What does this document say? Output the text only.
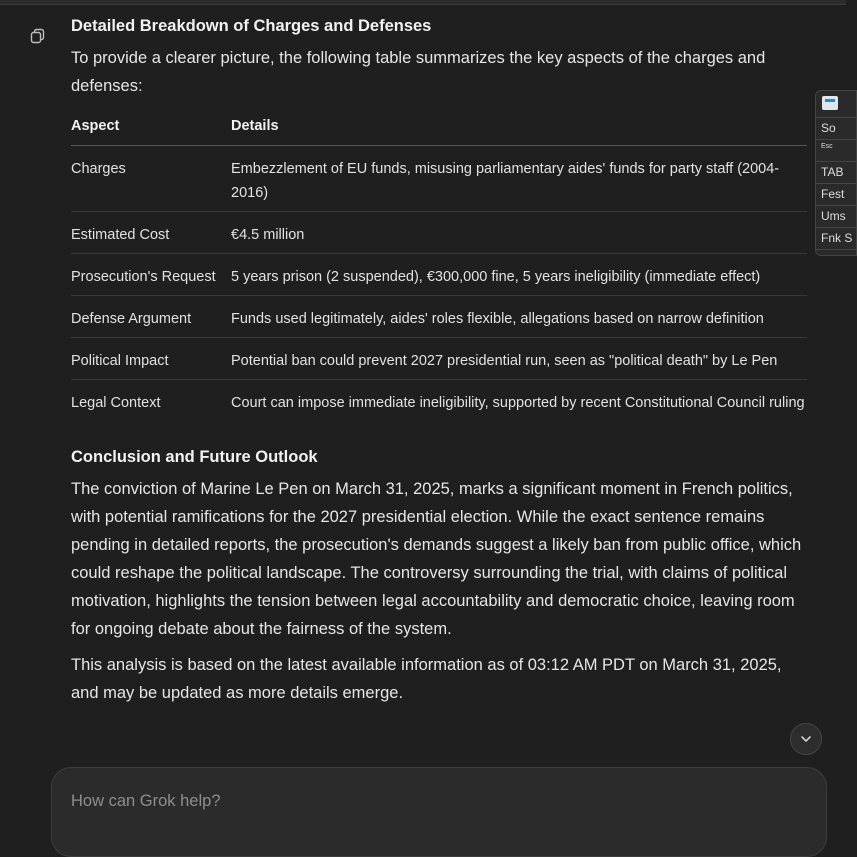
Detailed Breakdown of Charges and Defenses

To provide a clearer picture, the following table summarizes the key aspects of the charges and defenses:

Aspect	Details
Charges	Embezzlement of EU funds, misusing parliamentary aides' funds for party staff (2004-2016)
Estimated Cost	€4.5 million
Prosecution's Request	5 years prison (2 suspended), €300,000 fine, 5 years ineligibility (immediate effect)
Defense Argument	Funds used legitimately, aides' roles flexible, allegations based on narrow definition
Political Impact	Potential ban could prevent 2027 presidential run, seen as "political death" by Le Pen
Legal Context	Court can impose immediate ineligibility, supported by recent Constitutional Council ruling
Conclusion and Future Outlook

The conviction of Marine Le Pen on March 31, 2025, marks a significant moment in French politics, with potential ramifications for the 2027 presidential election. While the exact sentence remains pending in detailed reports, the prosecution's demands suggest a likely ban from public office, which could reshape the political landscape. The controversy surrounding the trial, with claims of political motivation, highlights the tension between legal accountability and democratic choice, leaving room for ongoing debate about the fairness of the system.

This analysis is based on the latest available information as of 03:12 AM PDT on March 31, 2025, and may be updated as more details emerge.

So
Esc
TAB
Fest
Ums
Fnk S
How can Grok help?
